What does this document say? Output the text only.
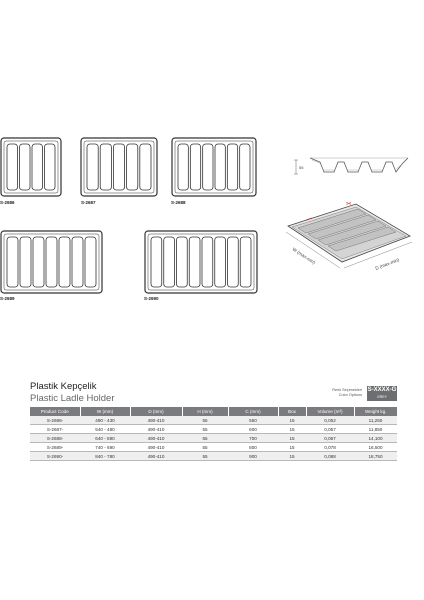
S-2686	S-2687	S-2688
S-2689	S-2690
55
✂
W (max-min)	D (max-min)
Plastik Kepçelik
Plastic Ladle Holder
Renk Seçenekleri
Color Options
S-XXXX-G
GREY
Product Code	W (mm)	D (mm)	H (mm)	C (mm)	Box	Volume (m³)	Weight kg.
S-2686-	490 - 430	490-410	55	550	15	0,052	11,250
S-2687-	540 - 480	490-410	55	600	15	0,057	11,850
S-2688-	640 - 590	490-410	55	700	15	0,067	14,100
S-2689-	740 - 690	490-410	55	800	15	0,078	16,500
S-2690-	840 - 780	490-410	55	900	15	0,088	18,750
